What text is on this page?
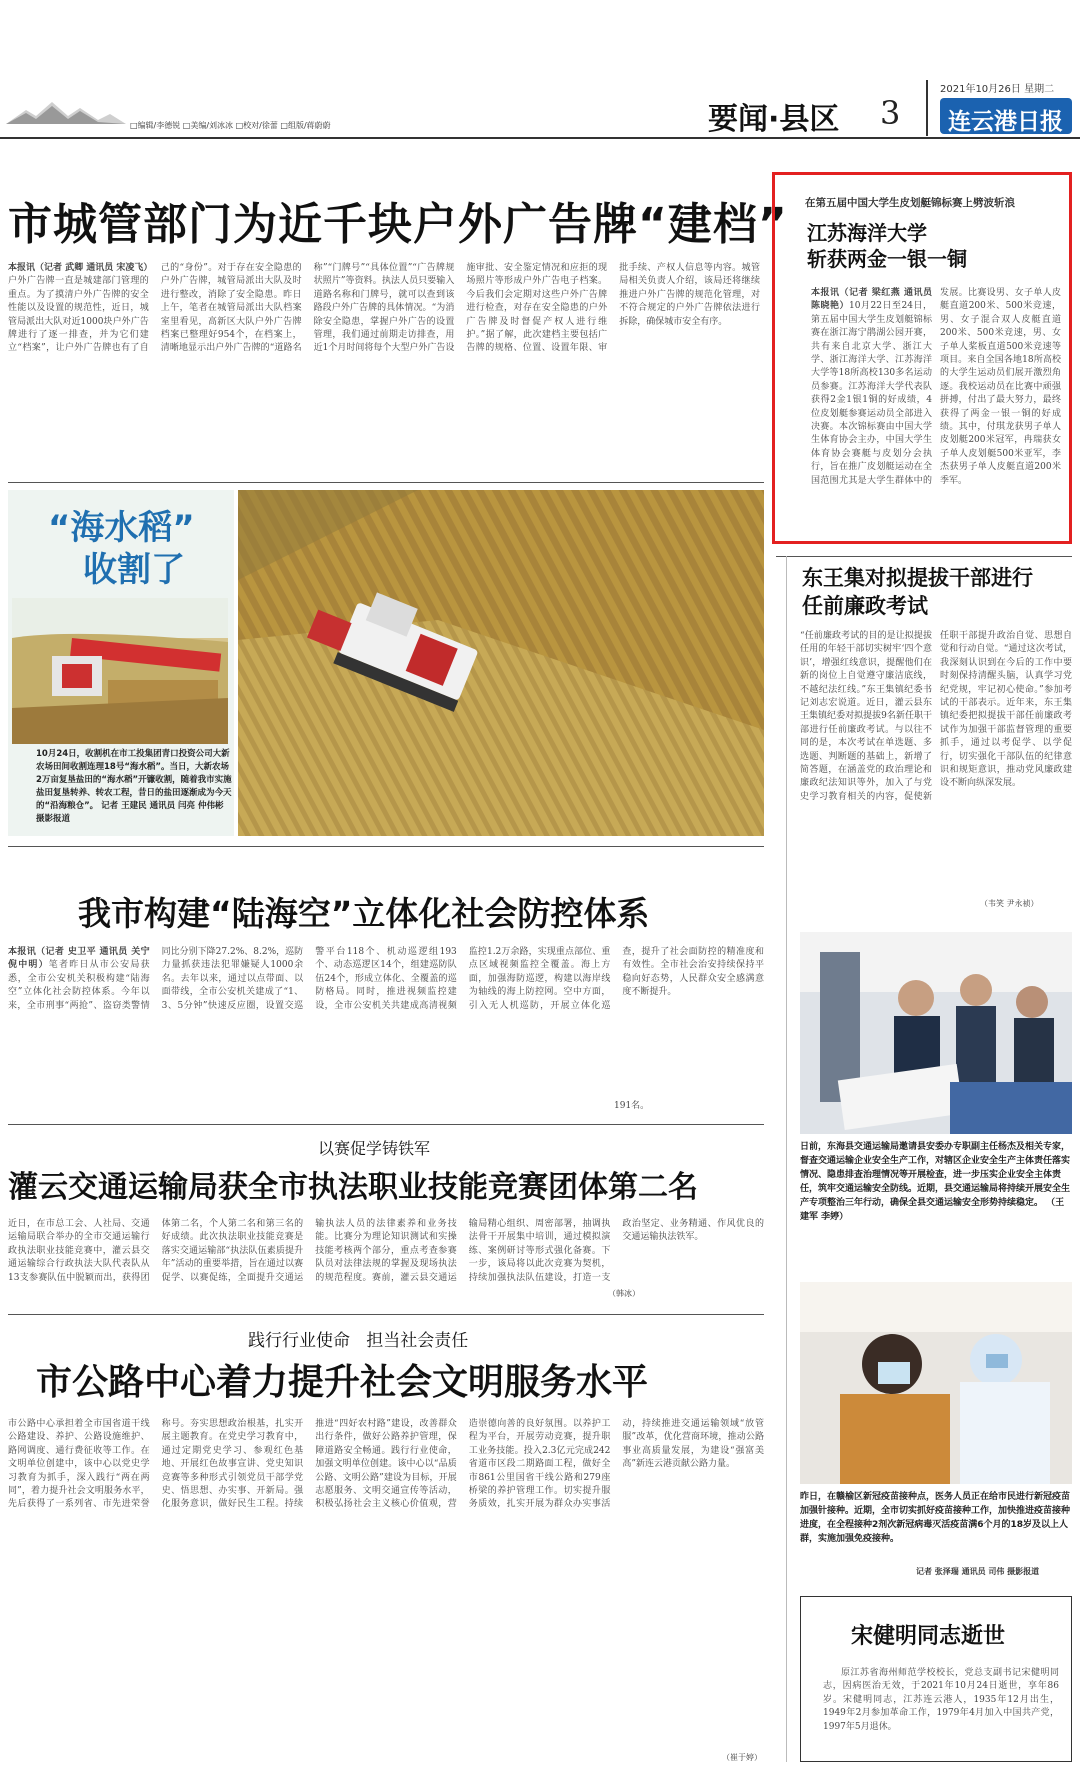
□编辑/李德锐 □美编/刘冰冰 □校对/徐蕾 □组版/蒋蔚蔚	要闻·县区 3
2021年10月26日 星期二
连云港日报
市城管部门为近千块户外广告牌“建档”
本报讯（记者 武卿 通讯员 宋凌飞）户外广告牌一直是城建部门管理的重点。为了摸清户外广告牌的安全性能以及设置的规范性，近日，城管局派出大队对近1000块户外广告牌进行了逐一排查，并为它们建立“档案”，让户外广告牌也有了自己的“身份”。对于存在安全隐患的户外广告牌，城管局派出大队及时进行整改，消除了安全隐患。昨日上午，笔者在城管局派出大队档案室里看见，高新区大队户外广告牌档案已整理好954个，在档案上，清晰地显示出户外广告牌的“道路名称”“门牌号”“具体位置”“广告牌规状照片”等资料。执法人员只要输入道路名称和门牌号，就可以查到该路段户外广告牌的具体情况。“为消除安全隐患，掌握户外广告的设置管理，我们通过前期走访排查，用近1个月时间将每个大型户外广告设施审批、安全鉴定情况和应拒的现场照片等形成户外广告电子档案。今后我们会定期对这些户外广告牌进行检查，对存在安全隐患的户外广告牌及时督促产权人进行维护。”据了解，此次建档主要包括广告牌的规格、位置、设置年限、审批手续、产权人信息等内容。城管局相关负责人介绍，该局还将继续推进户外广告牌的规范化管理，对不符合规定的户外广告牌依法进行拆除，确保城市安全有序。
在第五届中国大学生皮划艇锦标赛上劈波斩浪
江苏海洋大学
斩获两金一银一铜
本报讯（记者 梁红燕 通讯员 陈晓艳）10月22日至24日，第五届中国大学生皮划艇锦标赛在浙江海宁鹃湖公园开赛，共有来自北京大学、浙江大学、浙江海洋大学、江苏海洋大学等18所高校130多名运动员参赛。江苏海洋大学代表队获得2金1银1铜的好成绩，4位皮划艇参赛运动员全部进入决赛。本次锦标赛由中国大学生体育协会主办，中国大学生体育协会赛艇与皮划分会执行，旨在推广皮划艇运动在全国范围尤其是大学生群体中的发展。比赛设男、女子单人皮艇直道200米、500米竞速，男、女子混合双人皮艇直道200米、500米竞速，男、女子单人桨板直道500米竞速等项目。来自全国各地18所高校的大学生运动员们展开激烈角逐。我校运动员在比赛中顽强拼搏，付出了最大努力，最终获得了两金一银一铜的好成绩。其中，付琪龙获男子单人皮划艇200米冠军，冉瑞获女子单人皮划艇500米亚军，李杰获男子单人皮艇直道200米季军。
“海水稻”
收割了
10月24日，收割机在市工投集团青口投资公司大新农场田间收割连理18号“海水稻”。当日，大新农场2万亩复垦盐田的“海水稻”开镰收割，随着我市实施盐田复垦转养、转农工程，昔日的盐田逐渐成为今天的“沿海粮仓”。 记者 王建民 通讯员 闫亮 仲伟彬 摄影报道
东王集对拟提拔干部进行
任前廉政考试
“任前廉政考试的目的是让拟提拔任用的年轻干部切实树牢‘四个意识’，增强红线意识，提醒他们在新的岗位上自觉遵守廉洁底线，不越纪法红线。”东王集镇纪委书记刘志宏说道。近日，灌云县东王集镇纪委对拟提拔9名新任职干部进行任前廉政考试。与以往不同的是，本次考试在单选题、多选题、判断题的基础上，新增了简答题，在涵盖党的政治理论和廉政纪法知识等外，加入了与党史学习教育相关的内容，促使新任职干部提升政治自觉、思想自觉和行动自觉。“通过这次考试，我深刻认识到在今后的工作中要时刻保持清醒头脑，认真学习党纪党规，牢记初心使命。”参加考试的干部表示。近年来，东王集镇纪委把拟提拔干部任前廉政考试作为加强干部监督管理的重要抓手，通过以考促学、以学促行，切实强化干部队伍的纪律意识和规矩意识，推动党风廉政建设不断向纵深发展。
（韦笑 尹永祯）
我市构建“陆海空”立体化社会防控体系
本报讯（记者 史卫平 通讯员 关宁 倪中明）笔者昨日从市公安局获悉，全市公安机关积极构建“陆海空”立体化社会防控体系。今年以来，全市刑事“两抢”、盗窃类警情同比分别下降27.2%、8.2%，巡防力量抓获违法犯罪嫌疑人1000余名。去年以来，通过以点带面、以面带线，全市公安机关建成了“1、3、5分钟”快速反应圈，设置交巡警平台118个、机动巡逻组193个、动态巡逻区14个，组建巡防队伍24个，形成立体化、全覆盖的巡防格局。同时，推进视频监控建设，全市公安机关共建成高清视频监控1.2万余路，实现重点部位、重点区域视频监控全覆盖。海上方面，加强海防巡逻，构建以海岸线为轴线的海上防控网。空中方面，引入无人机巡防，开展立体化巡查，提升了社会面防控的精准度和有效性。全市社会治安持续保持平稳向好态势，人民群众安全感满意度不断提升。
191名。
日前，东海县交通运输局邀请县安委办专职副主任杨杰及相关专家，督查交通运输企业安全生产工作，对辖区企业安全生产主体责任落实情况、隐患排查治理情况等开展检查，进一步压实企业安全主体责任，筑牢交通运输安全防线。近期，县交通运输局将持续开展安全生产专项整治三年行动，确保全县交通运输安全形势持续稳定。 （王建军 李婷）
以赛促学铸铁军
灌云交通运输局获全市执法职业技能竞赛团体第二名
近日，在市总工会、人社局、交通运输局联合举办的全市交通运输行政执法职业技能竞赛中，灌云县交通运输综合行政执法大队代表队从13支参赛队伍中脱颖而出，获得团体第二名，个人第二名和第三名的好成绩。此次执法职业技能竞赛是落实交通运输部“执法队伍素质提升年”活动的重要举措，旨在通过以赛促学、以赛促练，全面提升交通运输执法人员的法律素养和业务技能。比赛分为理论知识测试和实操技能考核两个部分，重点考查参赛队员对法律法规的掌握及现场执法的规范程度。赛前，灌云县交通运输局精心组织、周密部署，抽调执法骨干开展集中培训，通过模拟演练、案例研讨等形式强化备赛。下一步，该局将以此次竞赛为契机，持续加强执法队伍建设，打造一支政治坚定、业务精通、作风优良的交通运输执法铁军。
（韩冰）
践行行业使命   担当社会责任
市公路中心着力提升社会文明服务水平
市公路中心承担着全市国省道干线公路建设、养护、公路设施维护、路网调度、通行费征收等工作。在文明单位创建中，该中心以党史学习教育为抓手，深入践行“两在两同”，着力提升社会文明服务水平，先后获得了一系列省、市先进荣誉称号。夯实思想政治根基，扎实开展主题教育。在党史学习教育中，通过定期党史学习、参观红色基地、开展红色故事宣讲、党史知识竞赛等多种形式引领党员干部学党史、悟思想、办实事、开新局。强化服务意识，做好民生工程。持续推进“四好农村路”建设，改善群众出行条件，做好公路养护管理，保障道路安全畅通。践行行业使命，加强文明单位创建。该中心以“品质公路、文明公路”建设为目标，开展志愿服务、文明交通宣传等活动，积极弘扬社会主义核心价值观，营造崇德向善的良好氛围。以养护工程为平台，开展劳动竞赛，提升职工业务技能。投入2.3亿元完成242省道市区段二期路面工程，做好全市861公里国省干线公路和279座桥梁的养护管理工作。切实提升服务质效，扎实开展为群众办实事活动，持续推进交通运输领域“放管服”改革，优化营商环境，推动公路事业高质量发展，为建设“强富美高”新连云港贡献公路力量。
（崔于婷）
昨日，在赣榆区新冠疫苗接种点，医务人员正在给市民进行新冠疫苗加强针接种。近期，全市切实抓好疫苗接种工作，加快推进疫苗接种进度，在全程接种2剂次新冠病毒灭活疫苗满6个月的18岁及以上人群，实施加强免疫接种。
记者 张泽瑞 通讯员 司伟 摄影报道
宋健明同志逝世
原江苏省海州师范学校校长，党总支副书记宋健明同志，因病医治无效，于2021年10月24日逝世，享年86岁。宋健明同志，江苏连云港人，1935年12月出生，1949年2月参加革命工作，1979年4月加入中国共产党，1997年5月退休。
